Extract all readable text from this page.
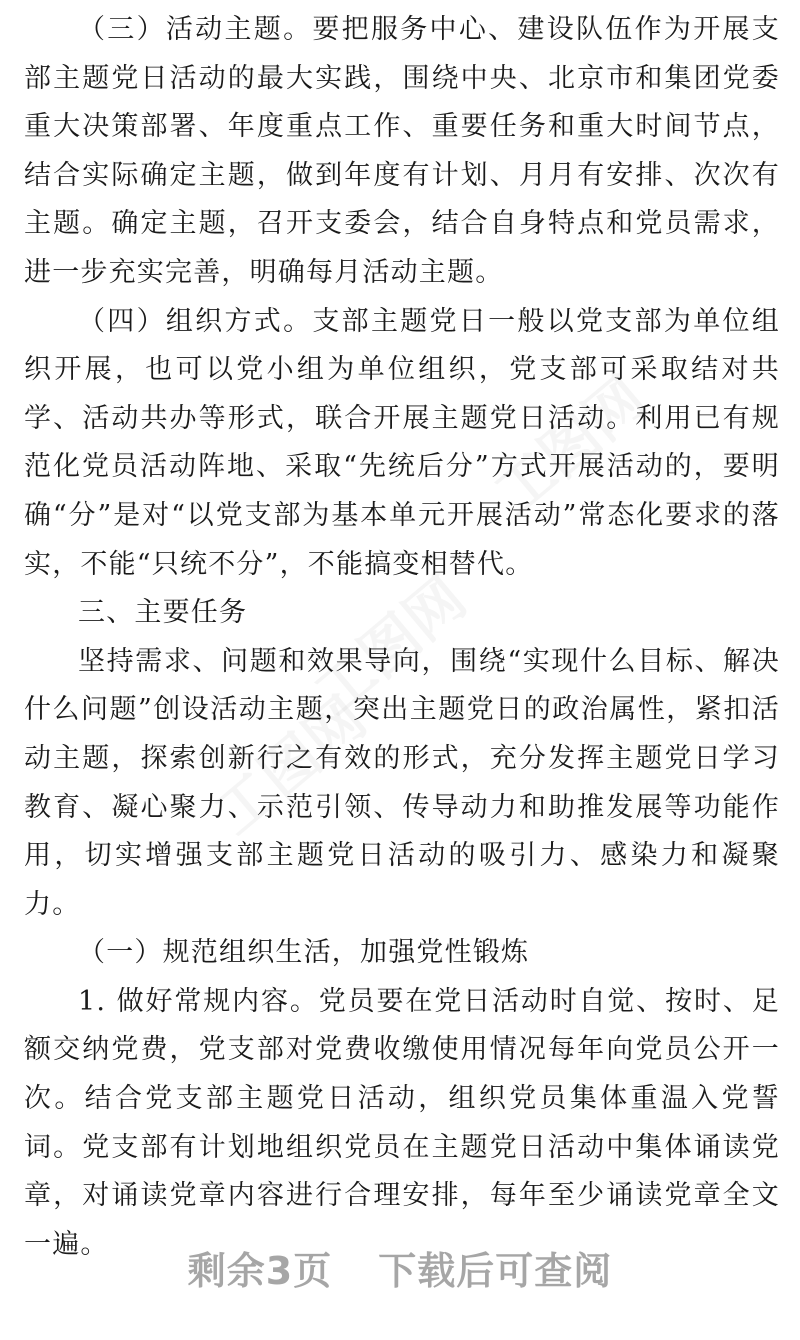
工图网
工图网
工图网

（三）活动主题。要把服务中心、建设队伍作为开展支部主题党日活动的最大实践，围绕中央、北京市和集团党委重大决策部署、年度重点工作、重要任务和重大时间节点，结合实际确定主题，做到年度有计划、月月有安排、次次有主题。确定主题，召开支委会，结合自身特点和党员需求，进一步充实完善，明确每月活动主题。

（四）组织方式。支部主题党日一般以党支部为单位组织开展，也可以党小组为单位组织，党支部可采取结对共学、活动共办等形式，联合开展主题党日活动。利用已有规范化党员活动阵地、采取“先统后分”方式开展活动的，要明确“分”是对“以党支部为基本单元开展活动”常态化要求的落实，不能“只统不分”，不能搞变相替代。

三、主要任务

坚持需求、问题和效果导向，围绕“实现什么目标、解决什么问题”创设活动主题，突出主题党日的政治属性，紧扣活动主题，探索创新行之有效的形式，充分发挥主题党日学习教育、凝心聚力、示范引领、传导动力和助推发展等功能作用，切实增强支部主题党日活动的吸引力、感染力和凝聚力。

（一）规范组织生活，加强党性锻炼

1. 做好常规内容。党员要在党日活动时自觉、按时、足额交纳党费，党支部对党费收缴使用情况每年向党员公开一次。结合党支部主题党日活动，组织党员集体重温入党誓词。党支部有计划地组织党员在主题党日活动中集体诵读党章，对诵读党章内容进行合理安排，每年至少诵读党章全文一遍。

剩余3页 下载后可查阅
